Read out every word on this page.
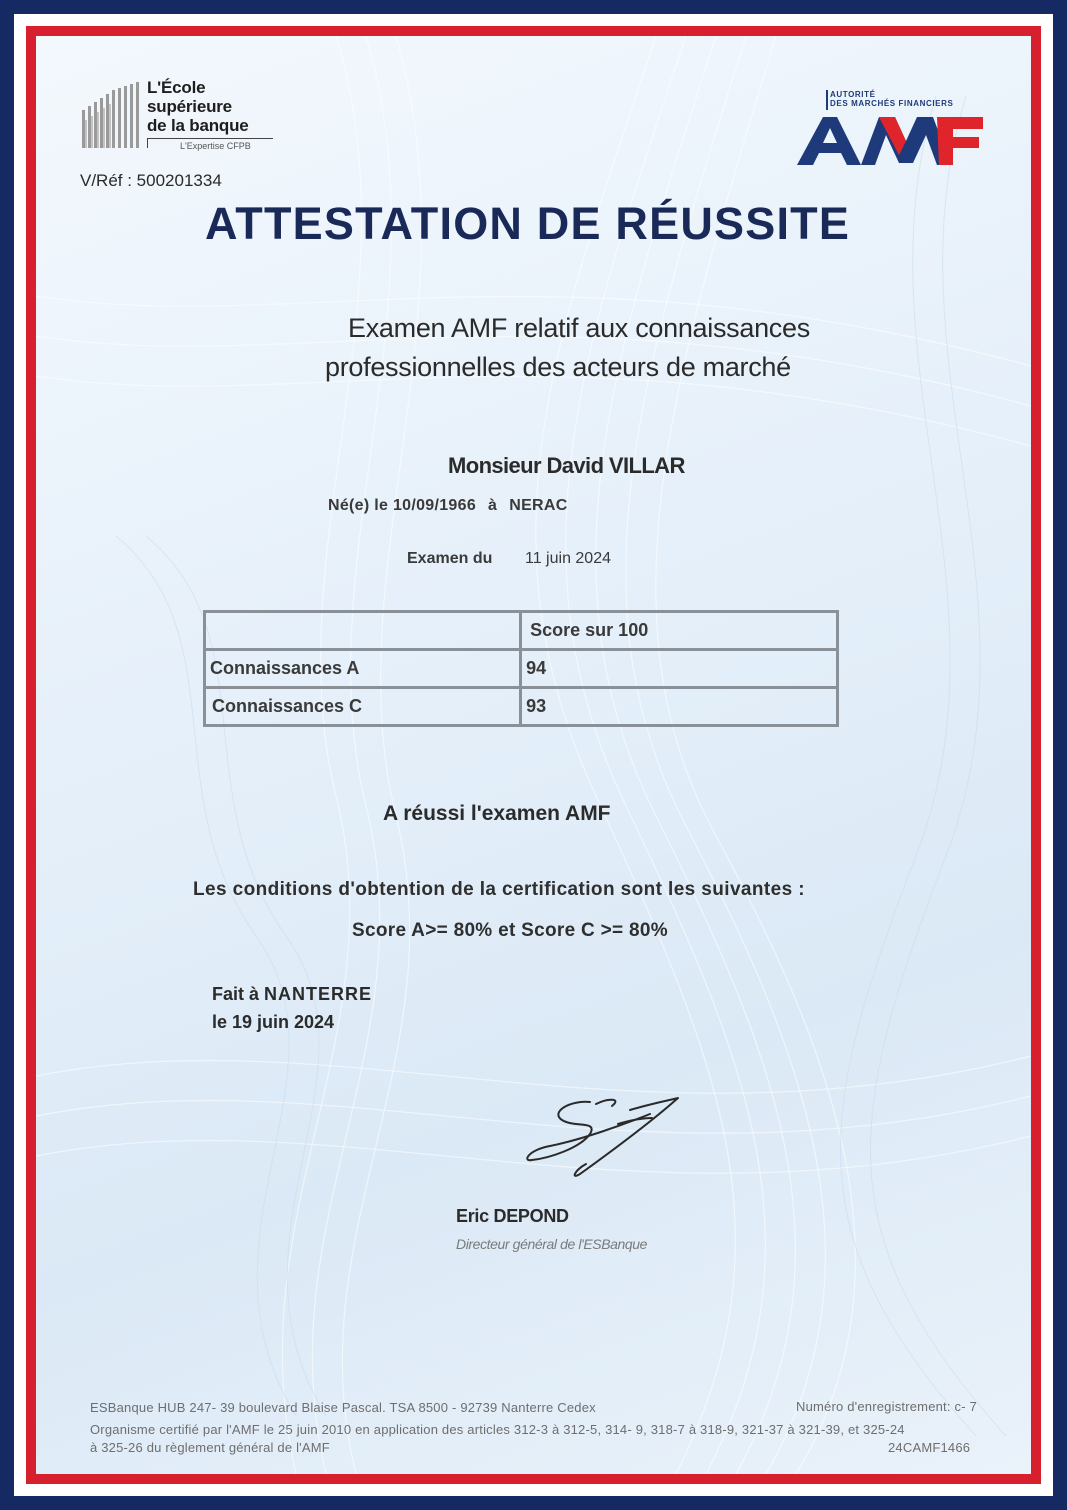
L'École
supérieure
de la banque
L'Expertise CFPB
AUTORITÉ
DES MARCHÉS FINANCIERS
V/Réf : 500201334
ATTESTATION DE RÉUSSITE
Examen AMF relatif aux connaissances
professionnelles des acteurs de marché
Monsieur David VILLAR
Né(e) le 10/09/1966 à NERAC
Examen du 11 juin 2024
	Score sur 100
Connaissances A	94
Connaissances C	93
A réussi l'examen AMF
Les conditions d'obtention de la certification sont les suivantes :
Score A>= 80% et Score C >= 80%
Fait à NANTERRE
le 19 juin 2024
Eric DEPOND
Directeur général de l'ESBanque
ESBanque HUB 247- 39 boulevard Blaise Pascal. TSA 8500 - 92739 Nanterre Cedex	Numéro d'enregistrement: c- 7
Organisme certifié par l'AMF le 25 juin 2010 en application des articles 312-3 à 312-5, 314- 9, 318-7 à 318-9, 321-37 à 321-39, et 325-24
à 325-26 du règlement général de l'AMF	24CAMF1466
